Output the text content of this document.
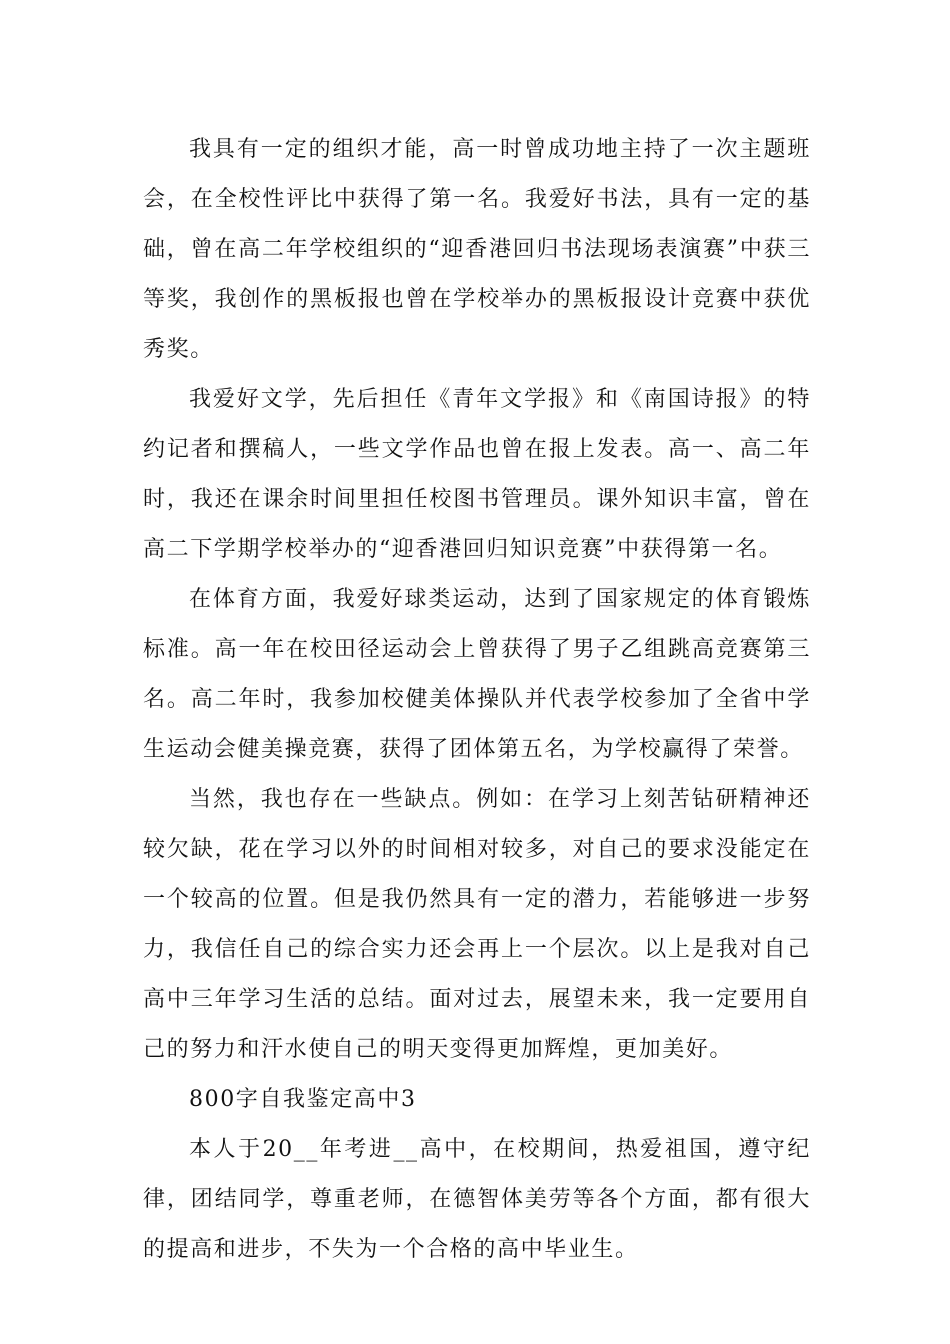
我具有一定的组织才能，高一时曾成功地主持了一次主题班会，在全校性评比中获得了第一名。我爱好书法，具有一定的基础，曾在高二年学校组织的“迎香港回归书法现场表演赛”中获三等奖，我创作的黑板报也曾在学校举办的黑板报设计竞赛中获优秀奖。

我爱好文学，先后担任《青年文学报》和《南国诗报》的特约记者和撰稿人，一些文学作品也曾在报上发表。高一、高二年时，我还在课余时间里担任校图书管理员。课外知识丰富，曾在高二下学期学校举办的“迎香港回归知识竞赛”中获得第一名。

在体育方面，我爱好球类运动，达到了国家规定的体育锻炼标准。高一年在校田径运动会上曾获得了男子乙组跳高竞赛第三名。高二年时，我参加校健美体操队并代表学校参加了全省中学生运动会健美操竞赛，获得了团体第五名，为学校赢得了荣誉。

当然，我也存在一些缺点。例如：在学习上刻苦钻研精神还较欠缺，花在学习以外的时间相对较多，对自己的要求没能定在一个较高的位置。但是我仍然具有一定的潜力，若能够进一步努力，我信任自己的综合实力还会再上一个层次。以上是我对自己高中三年学习生活的总结。面对过去，展望未来，我一定要用自己的努力和汗水使自己的明天变得更加辉煌，更加美好。

800字自我鉴定高中3

本人于20__年考进__高中，在校期间，热爱祖国，遵守纪律，团结同学，尊重老师，在德智体美劳等各个方面，都有很大的提高和进步，不失为一个合格的高中毕业生。
